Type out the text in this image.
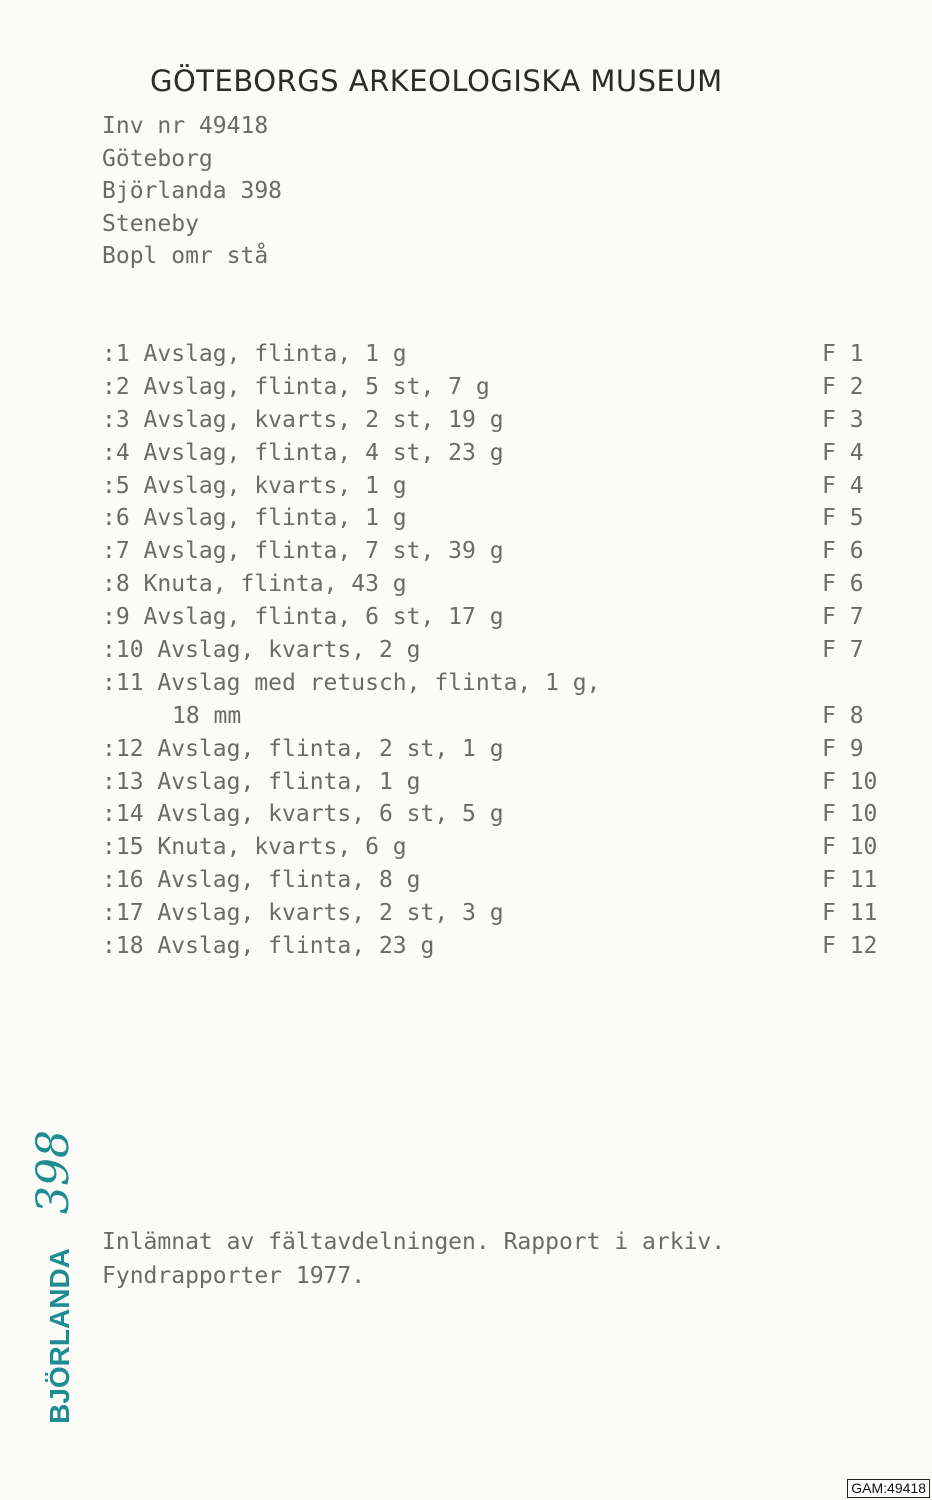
GÖTEBORGS ARKEOLOGISKA MUSEUM
Inv nr 49418
Göteborg
Björlanda 398
Steneby
Bopl omr stå
:1 Avslag, flinta, 1 g	F 1
:2 Avslag, flinta, 5 st, 7 g	F 2
:3 Avslag, kvarts, 2 st, 19 g	F 3
:4 Avslag, flinta, 4 st, 23 g	F 4
:5 Avslag, kvarts, 1 g	F 4
:6 Avslag, flinta, 1 g	F 5
:7 Avslag, flinta, 7 st, 39 g	F 6
:8 Knuta, flinta, 43 g	F 6
:9 Avslag, flinta, 6 st, 17 g	F 7
:10 Avslag, kvarts, 2 g	F 7
:11 Avslag med retusch, flinta, 1 g,
18 mm	F 8
:12 Avslag, flinta, 2 st, 1 g	F 9
:13 Avslag, flinta, 1 g	F 10
:14 Avslag, kvarts, 6 st, 5 g	F 10
:15 Knuta, kvarts, 6 g	F 10
:16 Avslag, flinta, 8 g	F 11
:17 Avslag, kvarts, 2 st, 3 g	F 11
:18 Avslag, flinta, 23 g	F 12
Inlämnat av fältavdelningen. Rapport i arkiv.
Fyndrapporter 1977.
398
BJÖRLANDA
GAM:49418
